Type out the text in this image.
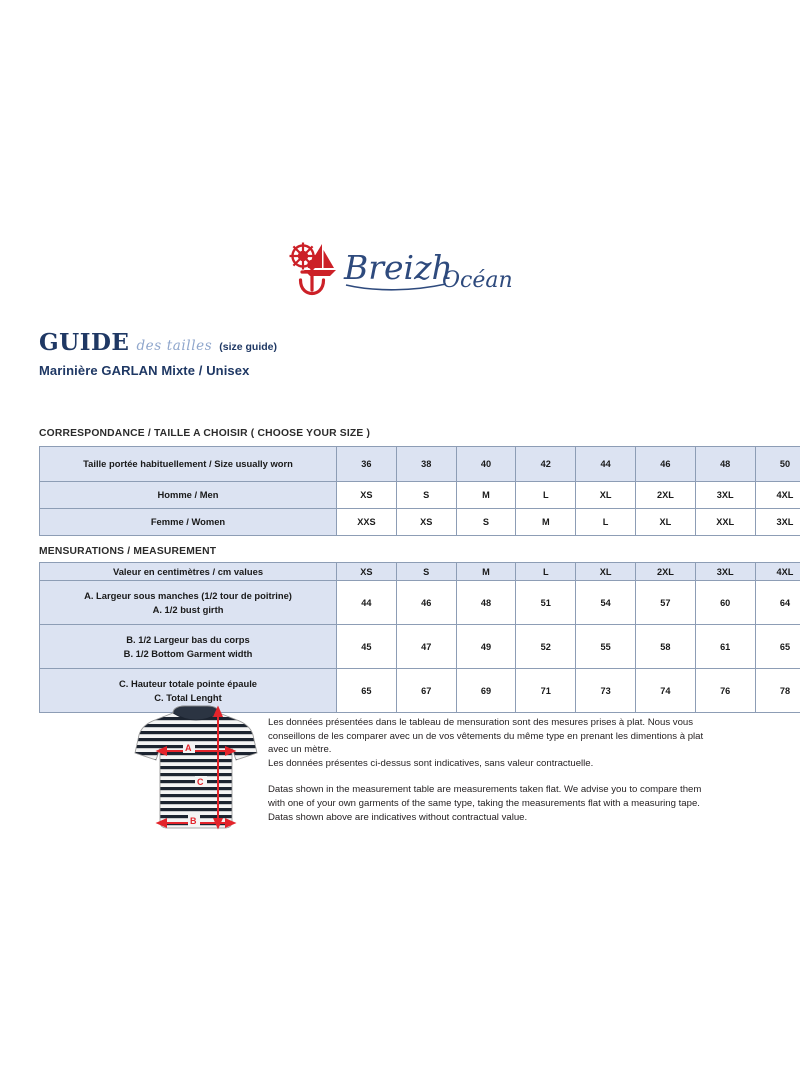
Breizh
Océan
GUIDE des tailles (size guide)
Marinière GARLAN Mixte / Unisex
CORRESPONDANCE / TAILLE A CHOISIR ( CHOOSE YOUR SIZE )
Taille portée habituellement / Size usually worn	36	38	40	42	44	46	48	50
Homme / Men	XS	S	M	L	XL	2XL	3XL	4XL
Femme / Women	XXS	XS	S	M	L	XL	XXL	3XL
MENSURATIONS / MEASUREMENT
Valeur en centimètres / cm values	XS	S	M	L	XL	2XL	3XL	4XL

A. Largeur sous manches (1/2 tour de poitrine)
A. 1/2 bust girth	44	46	48	51	54	57	60	64

B. 1/2 Largeur bas du corps
B. 1/2 Bottom Garment width	45	47	49	52	55	58	61	65

C. Hauteur totale pointe épaule
C. Total Lenght	65	67	69	71	73	74	76	78
A
B
C

Les données présentées dans le tableau de mensuration sont des mesures prises à plat. Nous vous conseillons de les comparer avec un de vos vêtements du même type en prenant les dimentions à plat avec un mètre.

Les données présentes ci-dessus sont indicatives, sans valeur contractuelle.

Datas shown in the measurement table are measurements taken flat. We advise you to compare them with one of your own garments of the same type, taking the measurements flat with a measuring tape.

Datas shown above are indicatives without contractual value.
